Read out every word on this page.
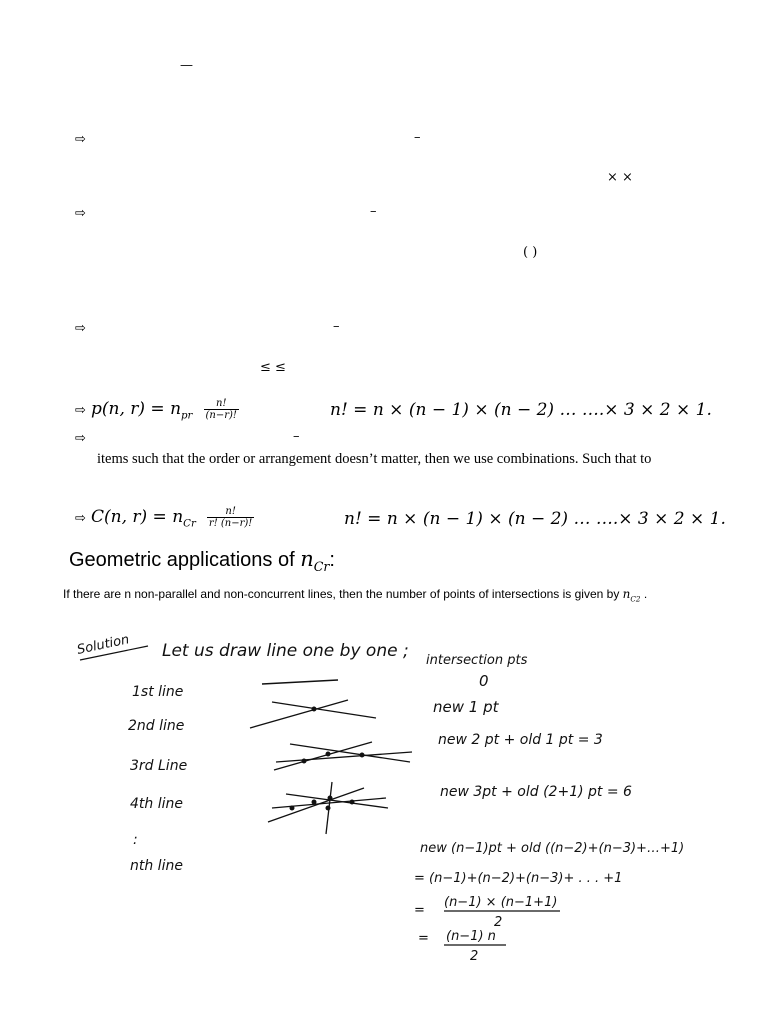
—
⇨	–
× ×
⇨	–
( )
⇨	–
≤ ≤
⇨ p(n, $r) = n_{pr} \frac{n!}{(n-r)!}$	n! = n × (n − 1) × (n − 2) … ….× 3 × 2 × 1.
⇨	–
items such that the order or arrangement doesn’t matter, then we use combinations. Such that to
⇨ C(n, $r) = n_{Cr} \frac{n!}{r! (n-r)!}$	n! = n × (n − 1) × (n − 2) … ….× 3 × 2 × 1.
Geometric applications of $n_{Cr}$:
If there are n non-parallel and non-concurrent lines, then the number of points of intersections is given by $n_{C2}$ .
Solution Let us draw line one by one ; intersection pts
0
1st line
new 1 pt
2nd line
new 2 pt + old 1 pt = 3
3rd Line
new 3pt + old (2+1) pt = 6
4th line
:
nth line
new (n−1)pt + old ((n−2)+(n−3)+…+1)
= (n−1)+(n−2)+(n−3)+ . . . +1
=
(n−1) × (n−1+1)
2
= (n−1) n
2
